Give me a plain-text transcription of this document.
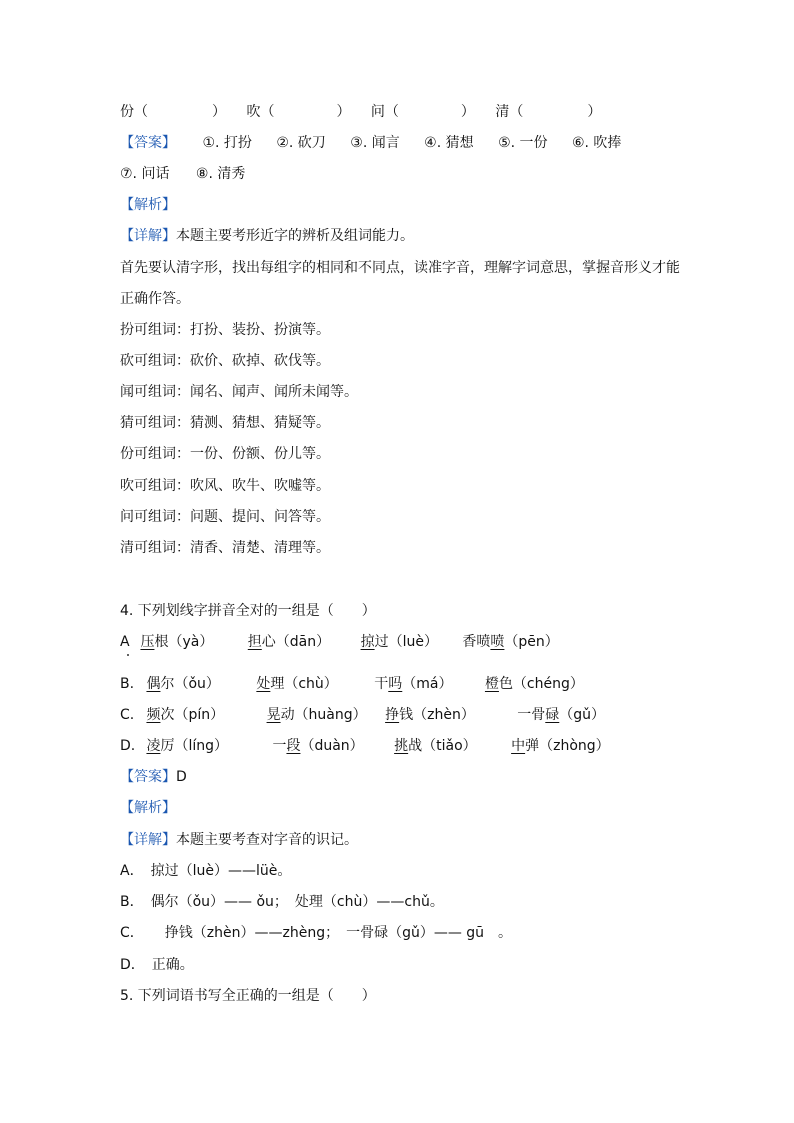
份（	） 吹（	） 问（	） 清（	）
【答案】 ①. 打扮 ②. 砍刀 ③. 闻言 ④. 猜想 ⑤. 一份 ⑥. 吹捧
⑦. 问话 ⑧. 清秀
【解析】
【详解】本题主要考形近字的辨析及组词能力。
首先要认清字形，找出每组字的相同和不同点，读准字音，理解字词意思，掌握音形义才能
正确作答。
扮可组词：打扮、装扮、扮演等。
砍可组词：砍价、砍掉、砍伐等。
闻可组词：闻名、闻声、闻所未闻等。
猜可组词：猜测、猜想、猜疑等。
份可组词：一份、份额、份儿等。
吹可组词：吹风、吹牛、吹嘘等。
问可组词：问题、提问、问答等。
清可组词：清香、清楚、清理等。
4. 下列划线字拼音全对的一组是（　　）
A 压根（yà） 担心（dān） 掠过（luè） 香喷喷（pēn）
B. 偶尔（ǒu）	处理（chù）	干吗（má） 橙色（chéng）
C. 频次（pín）	晃动（huàng） 挣钱（zhèn）	一骨碌（gǔ）
D. 凌厉（líng）	一段（duàn） 挑战（tiǎo） 中弹（zhòng）
【答案】D
【解析】
【详解】本题主要考查对字音的识记。
A．　掠过（luè）——lüè。
B．　偶尔（ǒu）—— ǒu；　处理（chù）——chǔ。
C．　　挣钱（zhèn）——zhèng；　一骨碌（gǔ）—— gū　。
D．　正确。
5. 下列词语书写全正确的一组是（　　）
